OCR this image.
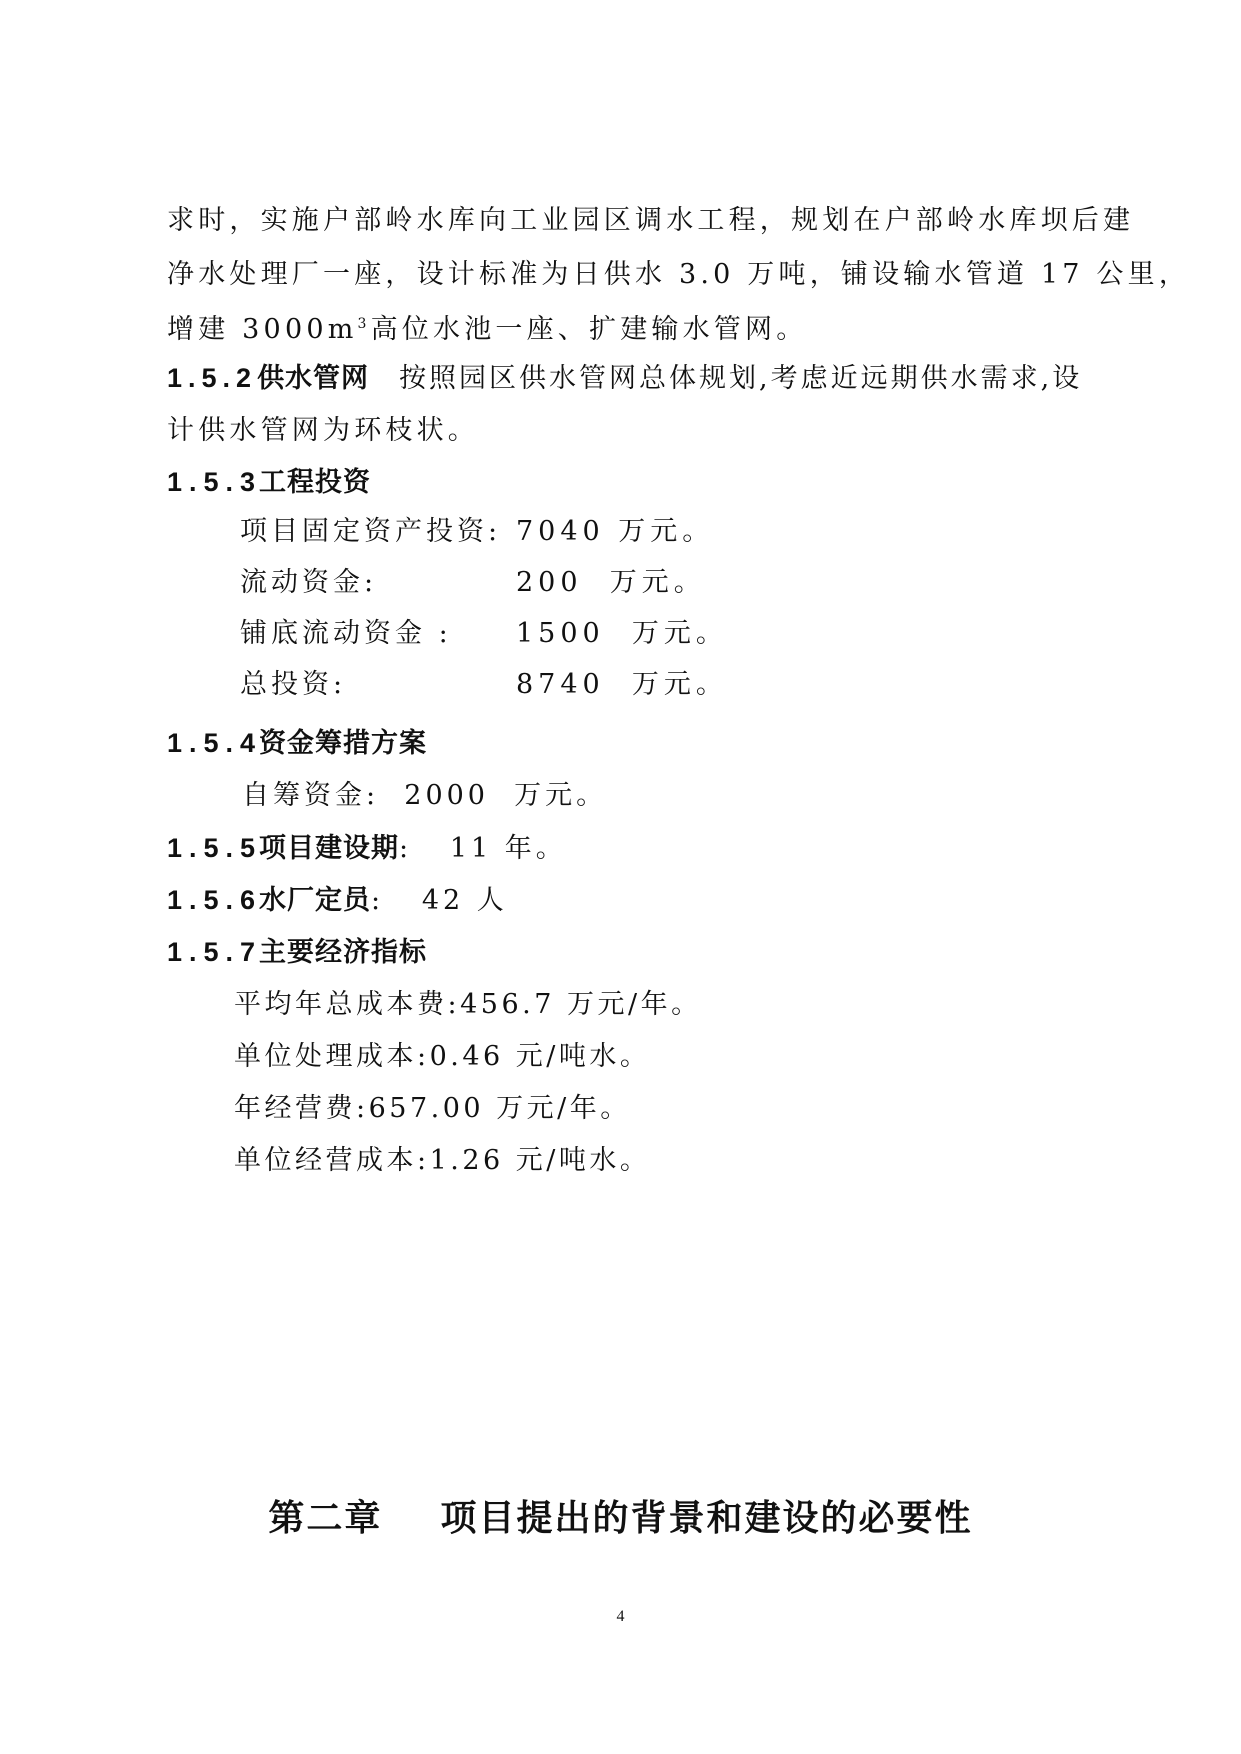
求时，实施户部岭水库向工业园区调水工程，规划在户部岭水库坝后建
净水处理厂一座，设计标准为日供水 3.0 万吨，铺设输水管道 17 公里，
增建 $3000m^3$高位水池一座、扩建输水管网。
1.5.2供水管网 按照园区供水管网总体规划,考虑近远期供水需求,设
计供水管网为环枝状。
1.5.3工程投资
项目固定资产投资: 7040 万元。
流动资金:	200  万元。
铺底流动资金 : 1500  万元。
总投资:	8740  万元。
1.5.4资金筹措方案
自筹资金:  2000  万元。
1.5.5项目建设期:   11 年。
1.5.6水厂定员:   42 人
1.5.7主要经济指标
平均年总成本费:456.7 万元/年。
单位处理成本:0.46 元/吨水。
年经营费:657.00 万元/年。
单位经营成本:1.26 元/吨水。
第二章    项目提出的背景和建设的必要性
4
